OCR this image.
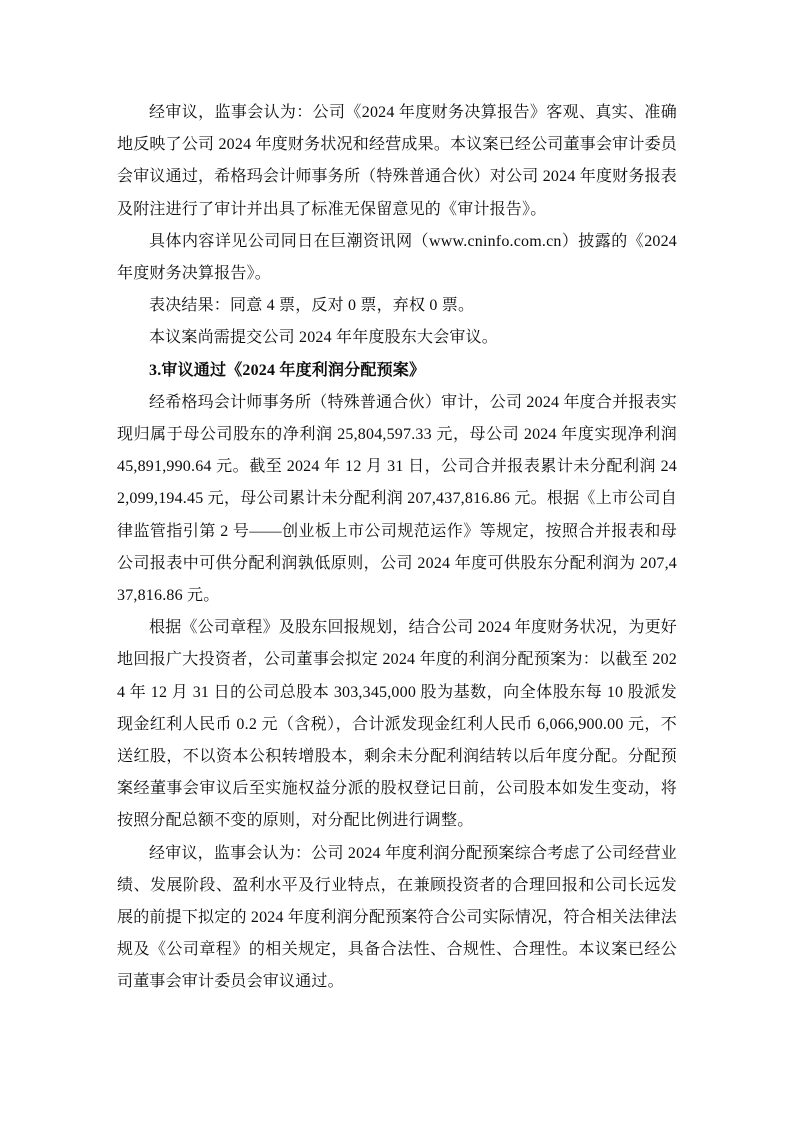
经审议，监事会认为：公司《2024 年度财务决算报告》客观、真实、准确地反映了公司 2024 年度财务状况和经营成果。本议案已经公司董事会审计委员会审议通过，希格玛会计师事务所（特殊普通合伙）对公司 2024 年度财务报表及附注进行了审计并出具了标准无保留意见的《审计报告》。

具体内容详见公司同日在巨潮资讯网（www.cninfo.com.cn）披露的《2024年度财务决算报告》。

表决结果：同意 4 票，反对 0 票，弃权 0 票。

本议案尚需提交公司 2024 年年度股东大会审议。

3.审议通过《2024 年度利润分配预案》

经希格玛会计师事务所（特殊普通合伙）审计，公司 2024 年度合并报表实现归属于母公司股东的净利润 25,804,597.33 元，母公司 2024 年度实现净利润 45,891,990.64 元。截至 2024 年 12 月 31 日，公司合并报表累计未分配利润 242,099,194.45 元，母公司累计未分配利润 207,437,816.86 元。根据《上市公司自律监管指引第 2 号——创业板上市公司规范运作》等规定，按照合并报表和母公司报表中可供分配利润孰低原则，公司 2024 年度可供股东分配利润为 207,437,816.86 元。

根据《公司章程》及股东回报规划，结合公司 2024 年度财务状况，为更好地回报广大投资者，公司董事会拟定 2024 年度的利润分配预案为：以截至 2024 年 12 月 31 日的公司总股本 303,345,000 股为基数，向全体股东每 10 股派发现金红利人民币 0.2 元（含税），合计派发现金红利人民币 6,066,900.00 元，不送红股，不以资本公积转增股本，剩余未分配利润结转以后年度分配。分配预案经董事会审议后至实施权益分派的股权登记日前，公司股本如发生变动，将按照分配总额不变的原则，对分配比例进行调整。

经审议，监事会认为：公司 2024 年度利润分配预案综合考虑了公司经营业绩、发展阶段、盈利水平及行业特点，在兼顾投资者的合理回报和公司长远发展的前提下拟定的 2024 年度利润分配预案符合公司实际情况，符合相关法律法规及《公司章程》的相关规定，具备合法性、合规性、合理性。本议案已经公司董事会审计委员会审议通过。
